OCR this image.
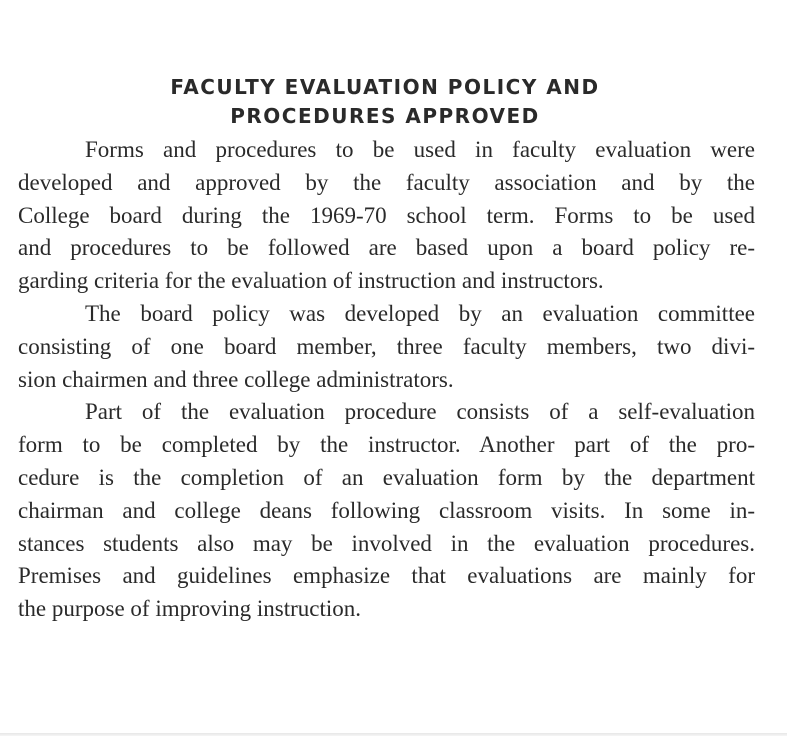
FACULTY EVALUATION POLICY AND
PROCEDURES APPROVED
Forms and procedures to be used in faculty evaluation were
developed and approved by the faculty association and by the
College board during the 1969-70 school term. Forms to be used
and procedures to be followed are based upon a board policy re-
garding criteria for the evaluation of instruction and instructors.
The board policy was developed by an evaluation committee
consisting of one board member, three faculty members, two divi-
sion chairmen and three college administrators.
Part of the evaluation procedure consists of a self-evaluation
form to be completed by the instructor. Another part of the pro-
cedure is the completion of an evaluation form by the department
chairman and college deans following classroom visits. In some in-
stances students also may be involved in the evaluation procedures.
Premises and guidelines emphasize that evaluations are mainly for
the purpose of improving instruction.
